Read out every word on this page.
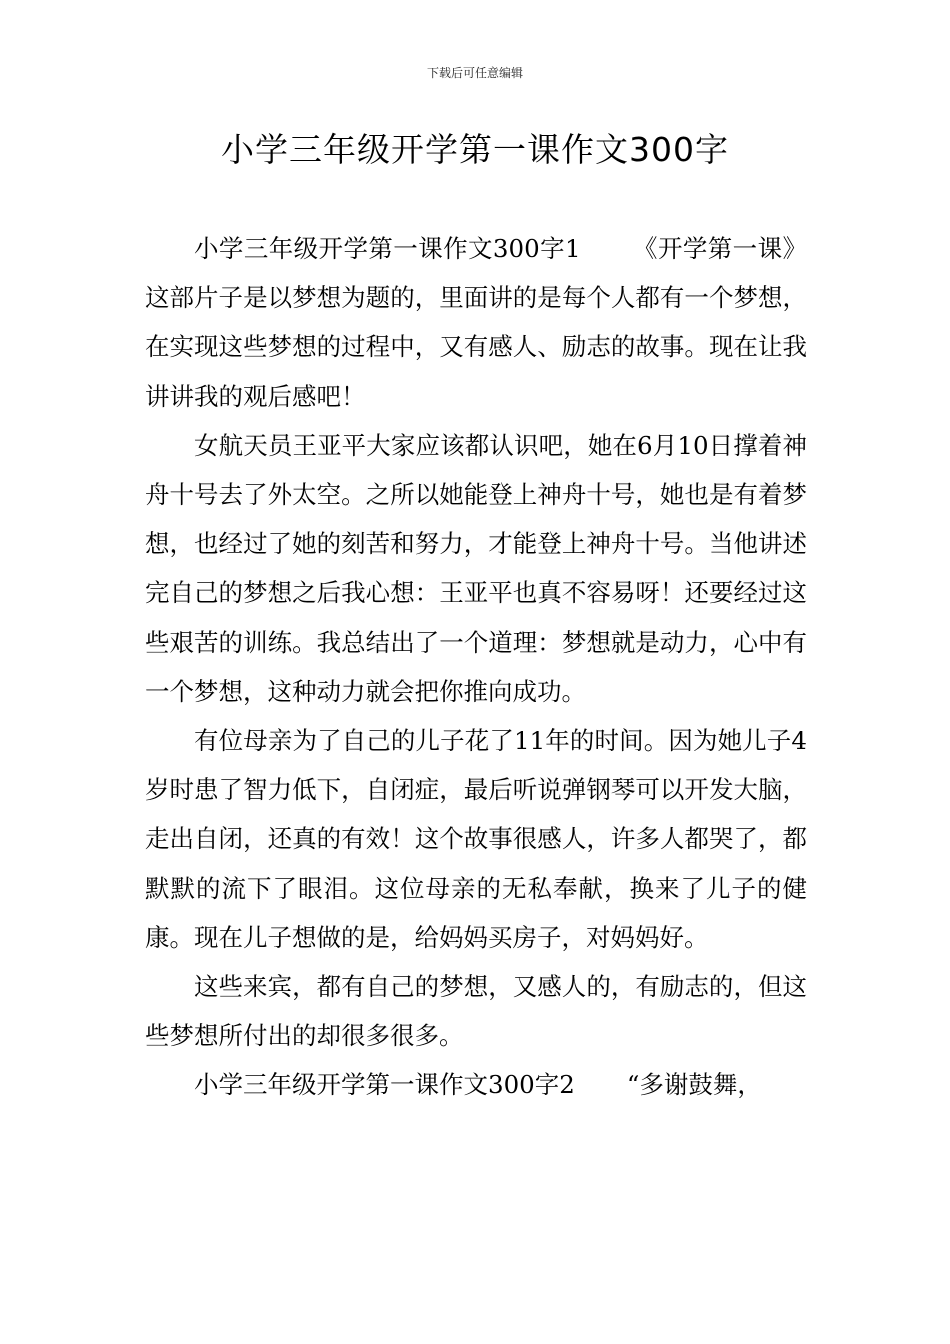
下载后可任意编辑
小学三年级开学第一课作文300字

小学三年级开学第一课作文300字1 《开学第一课》这部片子是以梦想为题的，里面讲的是每个人都有一个梦想，在实现这些梦想的过程中，又有感人、励志的故事。现在让我讲讲我的观后感吧！

女航天员王亚平大家应该都认识吧，她在6月10日撑着神舟十号去了外太空。之所以她能登上神舟十号，她也是有着梦想，也经过了她的刻苦和努力，才能登上神舟十号。当他讲述完自己的梦想之后我心想：王亚平也真不容易呀！还要经过这些艰苦的训练。我总结出了一个道理：梦想就是动力，心中有一个梦想，这种动力就会把你推向成功。

有位母亲为了自己的儿子花了11年的时间。因为她儿子4岁时患了智力低下，自闭症，最后听说弹钢琴可以开发大脑，走出自闭，还真的有效！这个故事很感人，许多人都哭了，都默默的流下了眼泪。这位母亲的无私奉献，换来了儿子的健康。现在儿子想做的是，给妈妈买房子，对妈妈好。

这些来宾，都有自己的梦想，又感人的，有励志的，但这些梦想所付出的却很多很多。

小学三年级开学第一课作文300字2 “多谢鼓舞，
